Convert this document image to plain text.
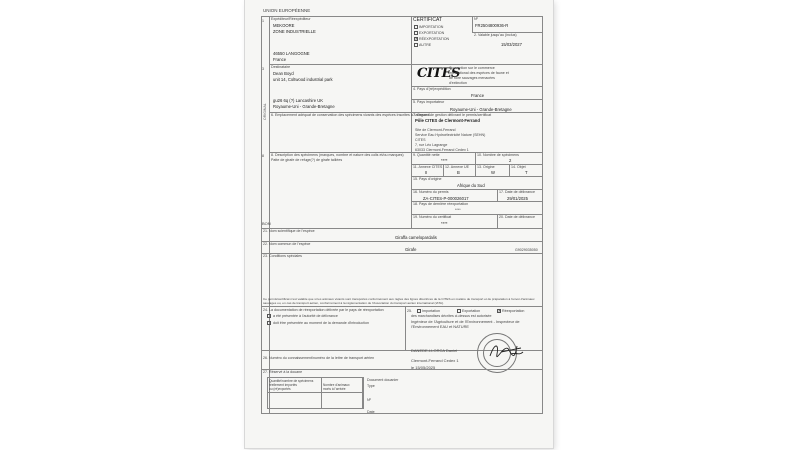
UNION EUROPÉENNE
ORIGINAL
1 Expéditeur/Réexpéditeur
MEKOORE
ZONE INDUSTRIELLE
46550 LANGOGNE
France
CERTIFICAT	Nº
FR2504800936-R
IMPORTATION
EXPORTATION
✕ RÉEXPORTATION
AUTRE
2. Valable jusqu'au (inclus)
15/03/2027
3 Destinataire
Dean Boyd
unit 14, Coltwood industrial park
gu26 6q (?) Lancashire UK
Royaume-Uni - Grande-Bretagne
CITES
Convention sur le commerce
international des espèces de faune et
de flore sauvages menacées
d'extinction
4. Pays d'(ré)expédition
France
5. Pays importateur
Royaume-Uni - Grande-Bretagne
6. Emplacement adéquat de conservation des spécimens vivants des espèces inscrites à l'annexe A
7. Organe de gestion délivrant le permis/certificat
Pôle CITES de Clermont-Ferrand
Site de Clermont-Ferrand
Service Eau Hydroélectricité Nature (SEHN)
CITES
7, rue Léo Lagrange
63033 Clermont-Ferrand Cedex 1
8 8. Description des spécimens (marques, nombre et nature des colis et/ou marques)
Patte de girafe de refuge(?) de girafe taillées
BON
9. Quantité nette
****
10. Nombre de spécimens
2
11. Annexe CITES
II
12. Annexe UE
B
13. Origine
W
14. Objet
T
15. Pays d'origine
Afrique du Sud
16. Numéro du permis
ZA-CITES-P-000026017
17. Date de délivrance
29/01/2025
18. Pays de dernière réexportation
****
19. Numéro du certificat
****
20. Date de délivrance
21. Nom scientifique de l'espèce
Giraffa camelopardalis
22. Nom commun de l'espèce
Girafe	G9029035050
23. Conditions spéciales
Ce permis/certificat n'est valable que si les animaux vivants sont transportés conformément aux règles des lignes directrices de la CITES en matière de transport et de préparation à l'envoi d'animaux
sauvages ou, en cas de transport aérien, conformément à la réglementation de l'Association du transport aérien international (IATA).
24. La documentation de réexportation délivrée par le pays de réexportation
a été présentée à l'autorité de délivrance
doit être présentée au moment de la demande d'introduction
25.	Importation	Exportation	✕ Réexportation
des marchandises décrites ci-dessus est autorisée
Ingénieur de l'Agriculture et de l'Environnement - Inspecteur de
l'Environnement EAU et NATURE
DANEDE-LLORCA Daniel
Clermont-Ferrand Cedex 1
le 15/05/2025
26. Numéro du connaissement/numéro de la lettre de transport aérien
27. Réservé à la douane
Quantité/nombre de spécimens
réellement importés
ou (ré)exportés
Nombre d'animaux
morts à l'arrivée
Document douanier
Type
Nº
Date
